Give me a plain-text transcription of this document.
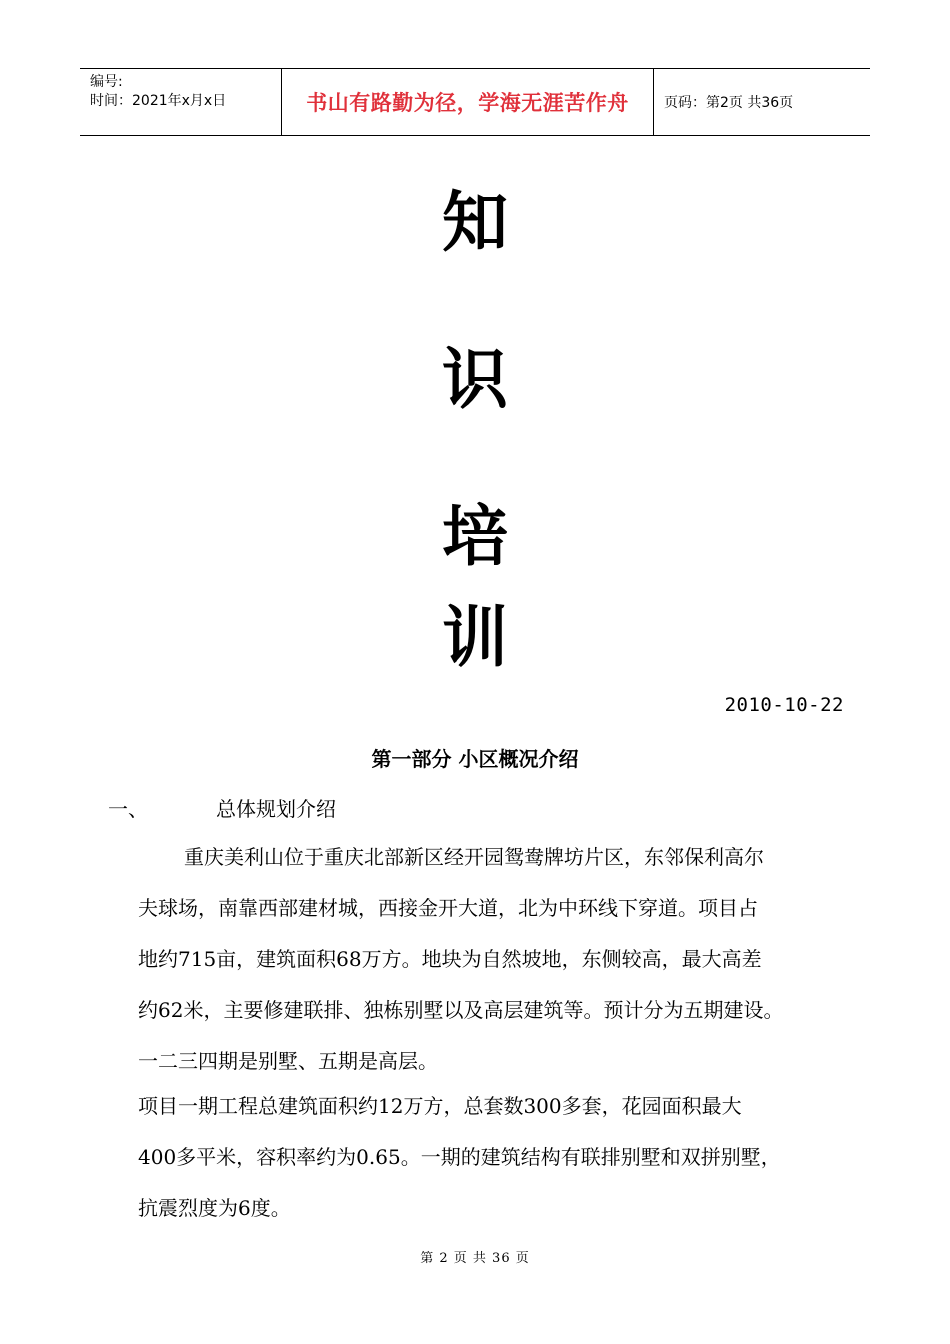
编号:
时间：2021年x月x日	书山有路勤为径，学海无涯苦作舟	页码：第2页 共36页
知
识
培
训
2010-10-22
第一部分 小区概况介绍
一、	总体规划介绍
重庆美利山位于重庆北部新区经开园鸳鸯牌坊片区，东邻保利高尔
夫球场，南靠西部建材城，西接金开大道，北为中环线下穿道。项目占
地约715亩，建筑面积68万方。地块为自然坡地，东侧较高，最大高差
约62米，主要修建联排、独栋别墅以及高层建筑等。预计分为五期建设。
一二三四期是别墅、五期是高层。
项目一期工程总建筑面积约12万方，总套数300多套，花园面积最大
400多平米，容积率约为0.65。一期的建筑结构有联排别墅和双拼别墅，
抗震烈度为6度。
第 2 页 共 36 页
